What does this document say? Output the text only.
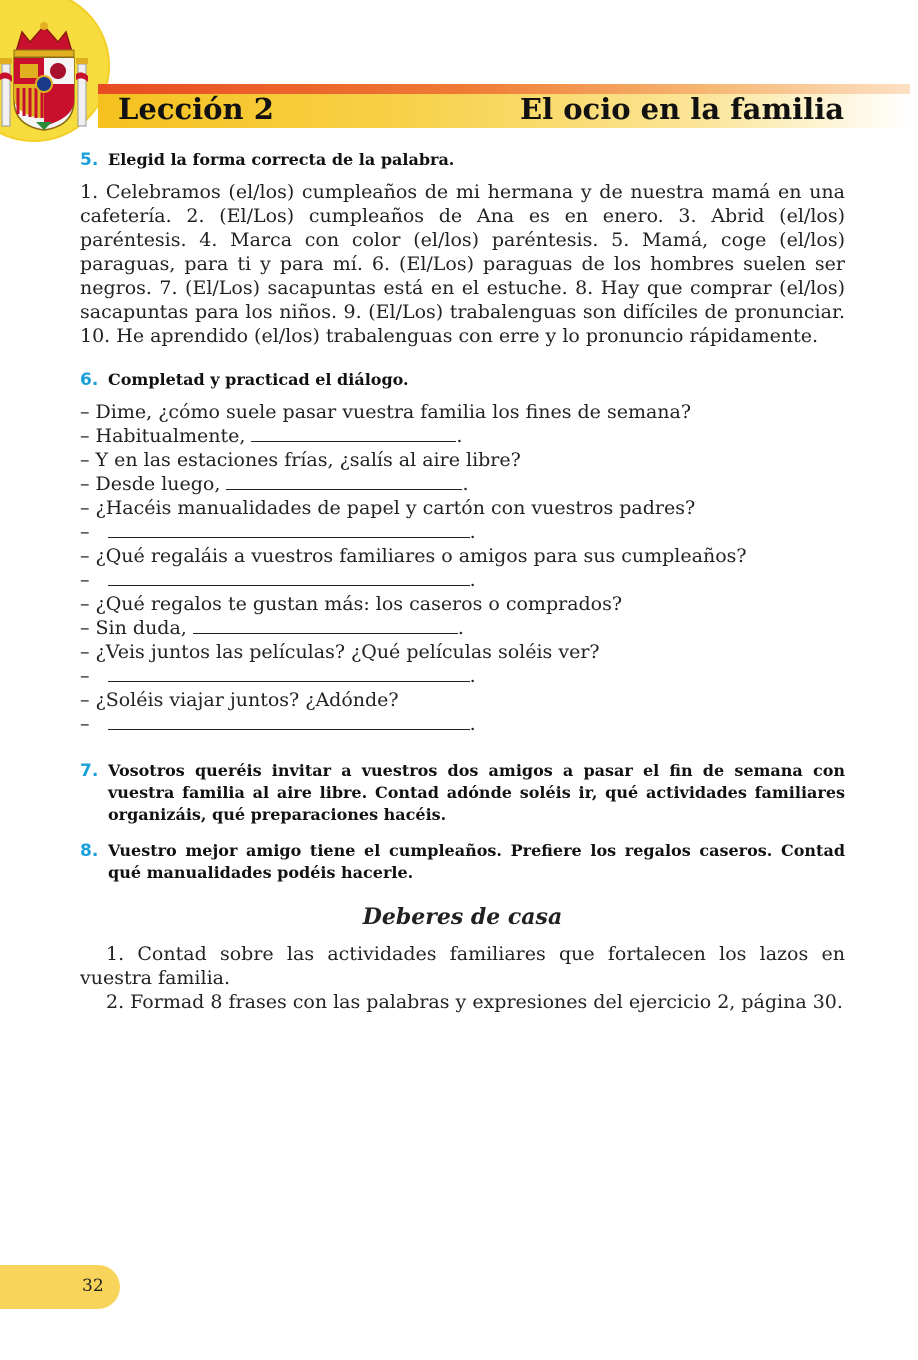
Lección 2	El ocio en la familia
5. Elegid la forma correcta de la palabra.

1. Celebramos (el/los) cumpleaños de mi hermana y de nuestra mamá en una cafetería. 2. (El/Los) cumpleaños de Ana es en enero. 3. Abrid (el/los) paréntesis. 4. Marca con color (el/los) paréntesis. 5. Mamá, coge (el/los) paraguas, para ti y para mí. 6. (El/Los) paraguas de los hombres suelen ser negros. 7. (El/Los) sacapuntas está en el estuche. 8. Hay que comprar (el/los) sacapuntas para los niños. 9. (El/Los) trabalenguas son difíciles de pronunciar. 10. He aprendido (el/los) trabalenguas con erre y lo pronuncio rápidamente.

6. Completad y practicad el diálogo.
– Dime, ¿cómo suele pasar vuestra familia los fines de semana?
– Habitualmente,
	.
– Y en las estaciones frías, ¿salís al aire libre?
– Desde luego,
	.
– ¿Hacéis manualidades de papel y cartón con vuestros padres?
–
	.
– ¿Qué regaláis a vuestros familiares o amigos para sus cumpleaños?
–
	.
– ¿Qué regalos te gustan más: los caseros o comprados?
– Sin duda,
	.
– ¿Veis juntos las películas? ¿Qué películas soléis ver?
–
	.
– ¿Soléis viajar juntos? ¿Adónde?
–
	.
7. Vosotros queréis invitar a vuestros dos amigos a pasar el fin de semana con vuestra familia al aire libre. Contad adónde soléis ir, qué actividades familiares organizáis, qué preparaciones hacéis.
8. Vuestro mejor amigo tiene el cumpleaños. Prefiere los regalos caseros. Contad qué manualidades podéis hacerle.
Deberes de casa

1. Contad sobre las actividades familiares que fortalecen los lazos en vuestra familia.

2. Formad 8 frases con las palabras y expresiones del ejercicio 2, página 30.

32
